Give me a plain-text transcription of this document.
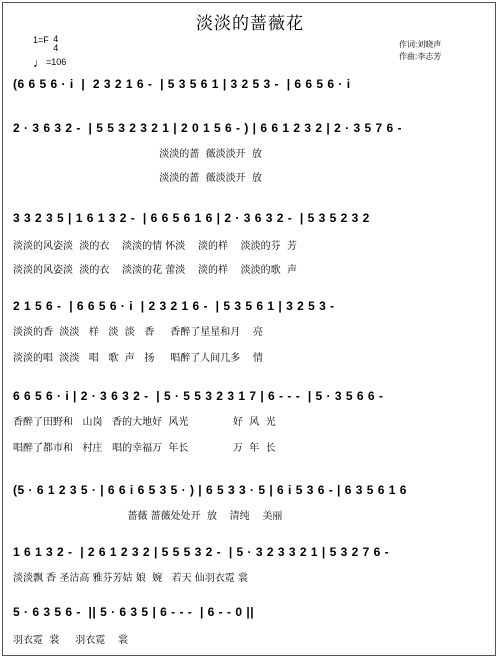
淡淡的蔷薇花
1=F 4
4
♩=106
作词:刘晓声
作曲:李志芳
(6 6 5 6 · i  |  2 3 2 1 6 -  | 5 3 5 6 1 | 3 2 5 3 -  | 6 6 5 6 · i
2 · 3 6 3 2 -  | 5 5 3 2 3 2 1 | 2 0 1 5 6 - ) | 6 6 1 2 3 2 | 2 · 3 5 7 6 -
淡淡的蔷  薇淡淡开  放
淡淡的蔷  薇淡淡开  放
3 3 2 3 5 | 1 6 1 3 2 -  | 6 6 5 6 1 6 | 2 · 3 6 3 2 -  | 5 3 5 2 3 2
淡淡的风姿淡  淡的衣    淡淡的情 怀淡    淡的样    淡淡的芬  芳
淡淡的风姿淡  淡的衣    淡淡的花 蕾淡    淡的样    淡淡的歌  声
2 1 5 6 -  | 6 6 5 6 · i  | 2 3 2 1 6 -  | 5 3 5 6 1 | 3 2 5 3 -
淡淡的香  淡淡   样   淡  淡   香     香醉了星星和月    亮
淡淡的唱  淡淡   唱   歌  声   扬     唱醉了人间几多    情
6 6 5 6 · i | 2 · 3 6 3 2 -  | 5 · 5 5 3 2 3 1 7 | 6 - - -  | 5 · 3 5 6 6 -
香醉了田野和   山岗   香的大地好  风光              好  风  光
唱醉了都市和   村庄   唱的幸福万  年长              万  年  长
(5 · 6 1 2 3 5 · | 6 6 i 6 5 3 5 · ) | 6 5 3 3 · 5 | 6 i 5 3 6 - | 6 3 5 6 1 6
蔷薇 蔷薇处处开  放    清纯    美丽
1 6 1 3 2 -  | 2 6 1 2 3 2 | 5 5 5 3 2 -  | 5 · 3 2 3 3 2 1 | 5 3 2 7 6 -
淡淡飘 香 圣洁高 雅芬芳姑 娘  婉   若天 仙羽衣霓 裳
5 · 6 3 5 6 -  || 5 · 6 3 5 | 6 - - -  | 6 - - 0 ||
羽衣霓  裳     羽衣霓    裳
